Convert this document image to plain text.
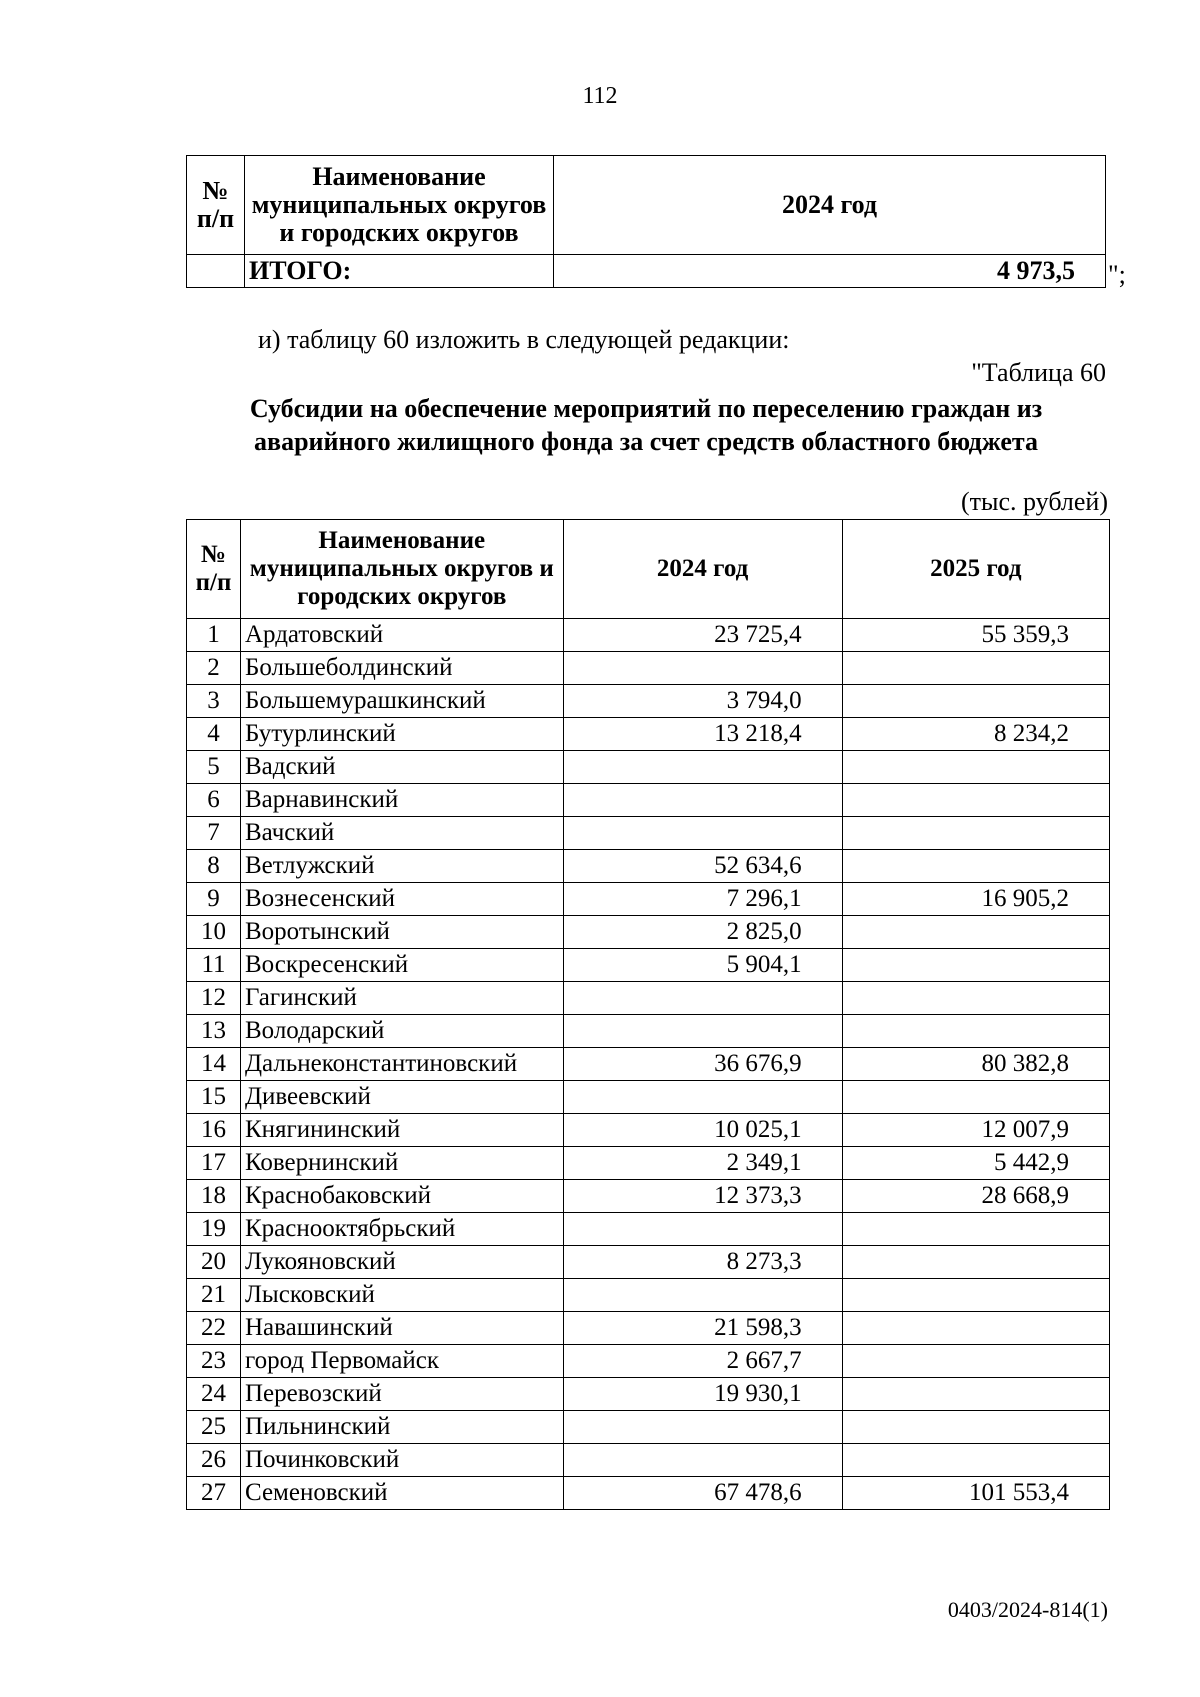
112
№ п/п	Наименование муниципальных округов и городских округов	2024 год
	ИТОГО:	4 973,5 ";
и) таблицу 60 изложить в следующей редакции:
"Таблица 60
Субсидии на обеспечение мероприятий по переселению граждан из аварийного жилищного фонда за счет средств областного бюджета
(тыс. рублей)
№ п/п	Наименование муниципальных округов и городских округов	2024 год	2025 год
1	Ардатовский	23 725,4	55 359,3
2	Большеболдинский		
3	Большемурашкинский	3 794,0	
4	Бутурлинский	13 218,4	8 234,2
5	Вадский		
6	Варнавинский		
7	Вачский		
8	Ветлужский	52 634,6	
9	Вознесенский	7 296,1	16 905,2
10	Воротынский	2 825,0	
11	Воскресенский	5 904,1	
12	Гагинский		
13	Володарский		
14	Дальнеконстантиновский	36 676,9	80 382,8
15	Дивеевский		
16	Княгининский	10 025,1	12 007,9
17	Ковернинский	2 349,1	5 442,9
18	Краснобаковский	12 373,3	28 668,9
19	Краснооктябрьский		
20	Лукояновский	8 273,3	
21	Лысковский		
22	Навашинский	21 598,3	
23	город Первомайск	2 667,7	
24	Перевозский	19 930,1	
25	Пильнинский		
26	Починковский		
27	Семеновский	67 478,6	101 553,4
0403/2024-814(1)
